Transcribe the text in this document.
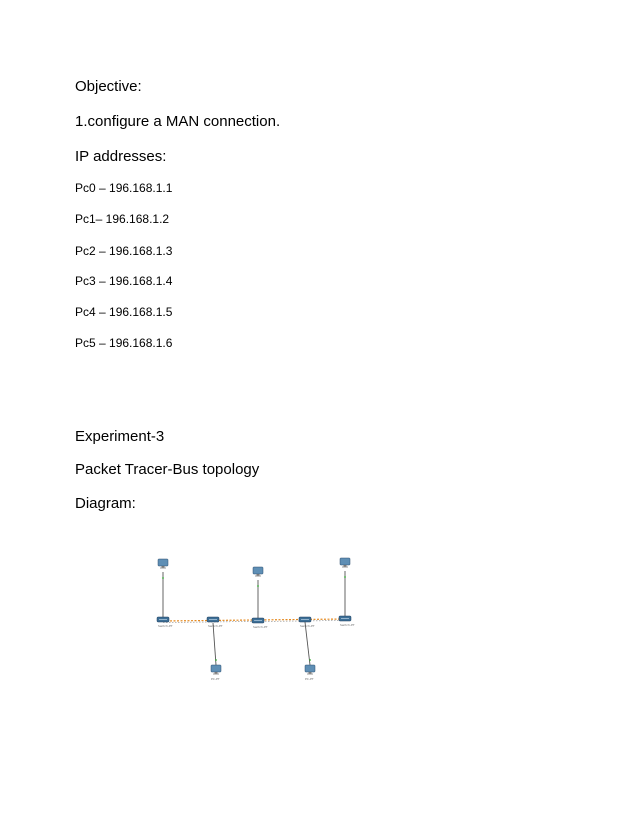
Objective:

1.configure a MAN connection.

IP addresses:

Pc0 – 196.168.1.1

Pc1– 196.168.1.2

Pc2 – 196.168.1.3

Pc3 – 196.168.1.4

Pc4 – 196.168.1.5

Pc5 – 196.168.1.6

Experiment-3

Packet Tracer-Bus topology

Diagram:

Switch-PT	Switch-PT	Switch-PT	Switch-PT	Switch-PT
PC-PT	PC-PT
